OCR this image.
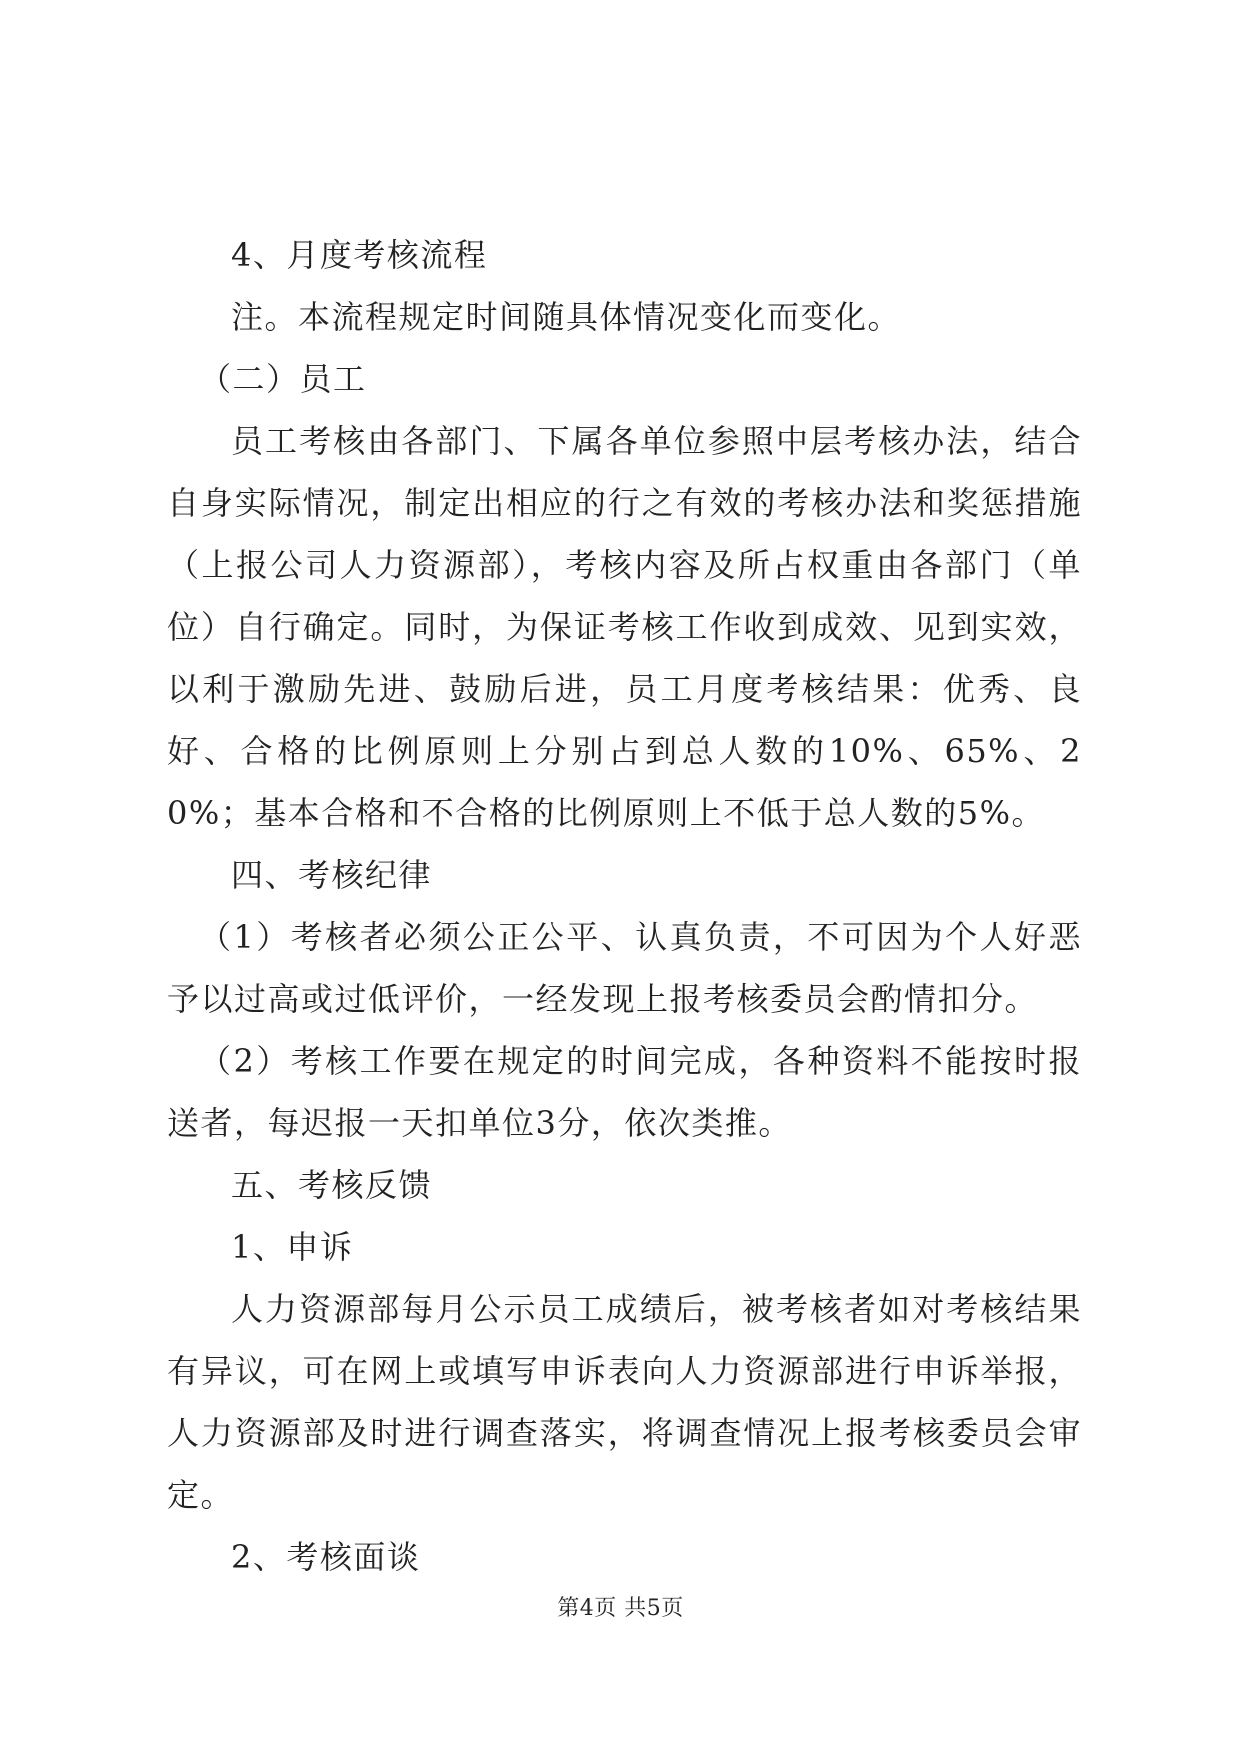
4、月度考核流程

注。本流程规定时间随具体情况变化而变化。

（二）员工

员工考核由各部门、下属各单位参照中层考核办法，结合自身实际情况，制定出相应的行之有效的考核办法和奖惩措施（上报公司人力资源部），考核内容及所占权重由各部门（单位）自行确定。同时，为保证考核工作收到成效、见到实效，以利于激励先进、鼓励后进，员工月度考核结果：优秀、良好、合格的比例原则上分别占到总人数的10%、65%、20%；基本合格和不合格的比例原则上不低于总人数的5%。

四、考核纪律

（1）考核者必须公正公平、认真负责，不可因为个人好恶予以过高或过低评价，一经发现上报考核委员会酌情扣分。

（2）考核工作要在规定的时间完成，各种资料不能按时报送者，每迟报一天扣单位3分，依次类推。

五、考核反馈

1、申诉

人力资源部每月公示员工成绩后，被考核者如对考核结果有异议，可在网上或填写申诉表向人力资源部进行申诉举报，人力资源部及时进行调查落实，将调查情况上报考核委员会审定。

2、考核面谈

第4页 共5页
